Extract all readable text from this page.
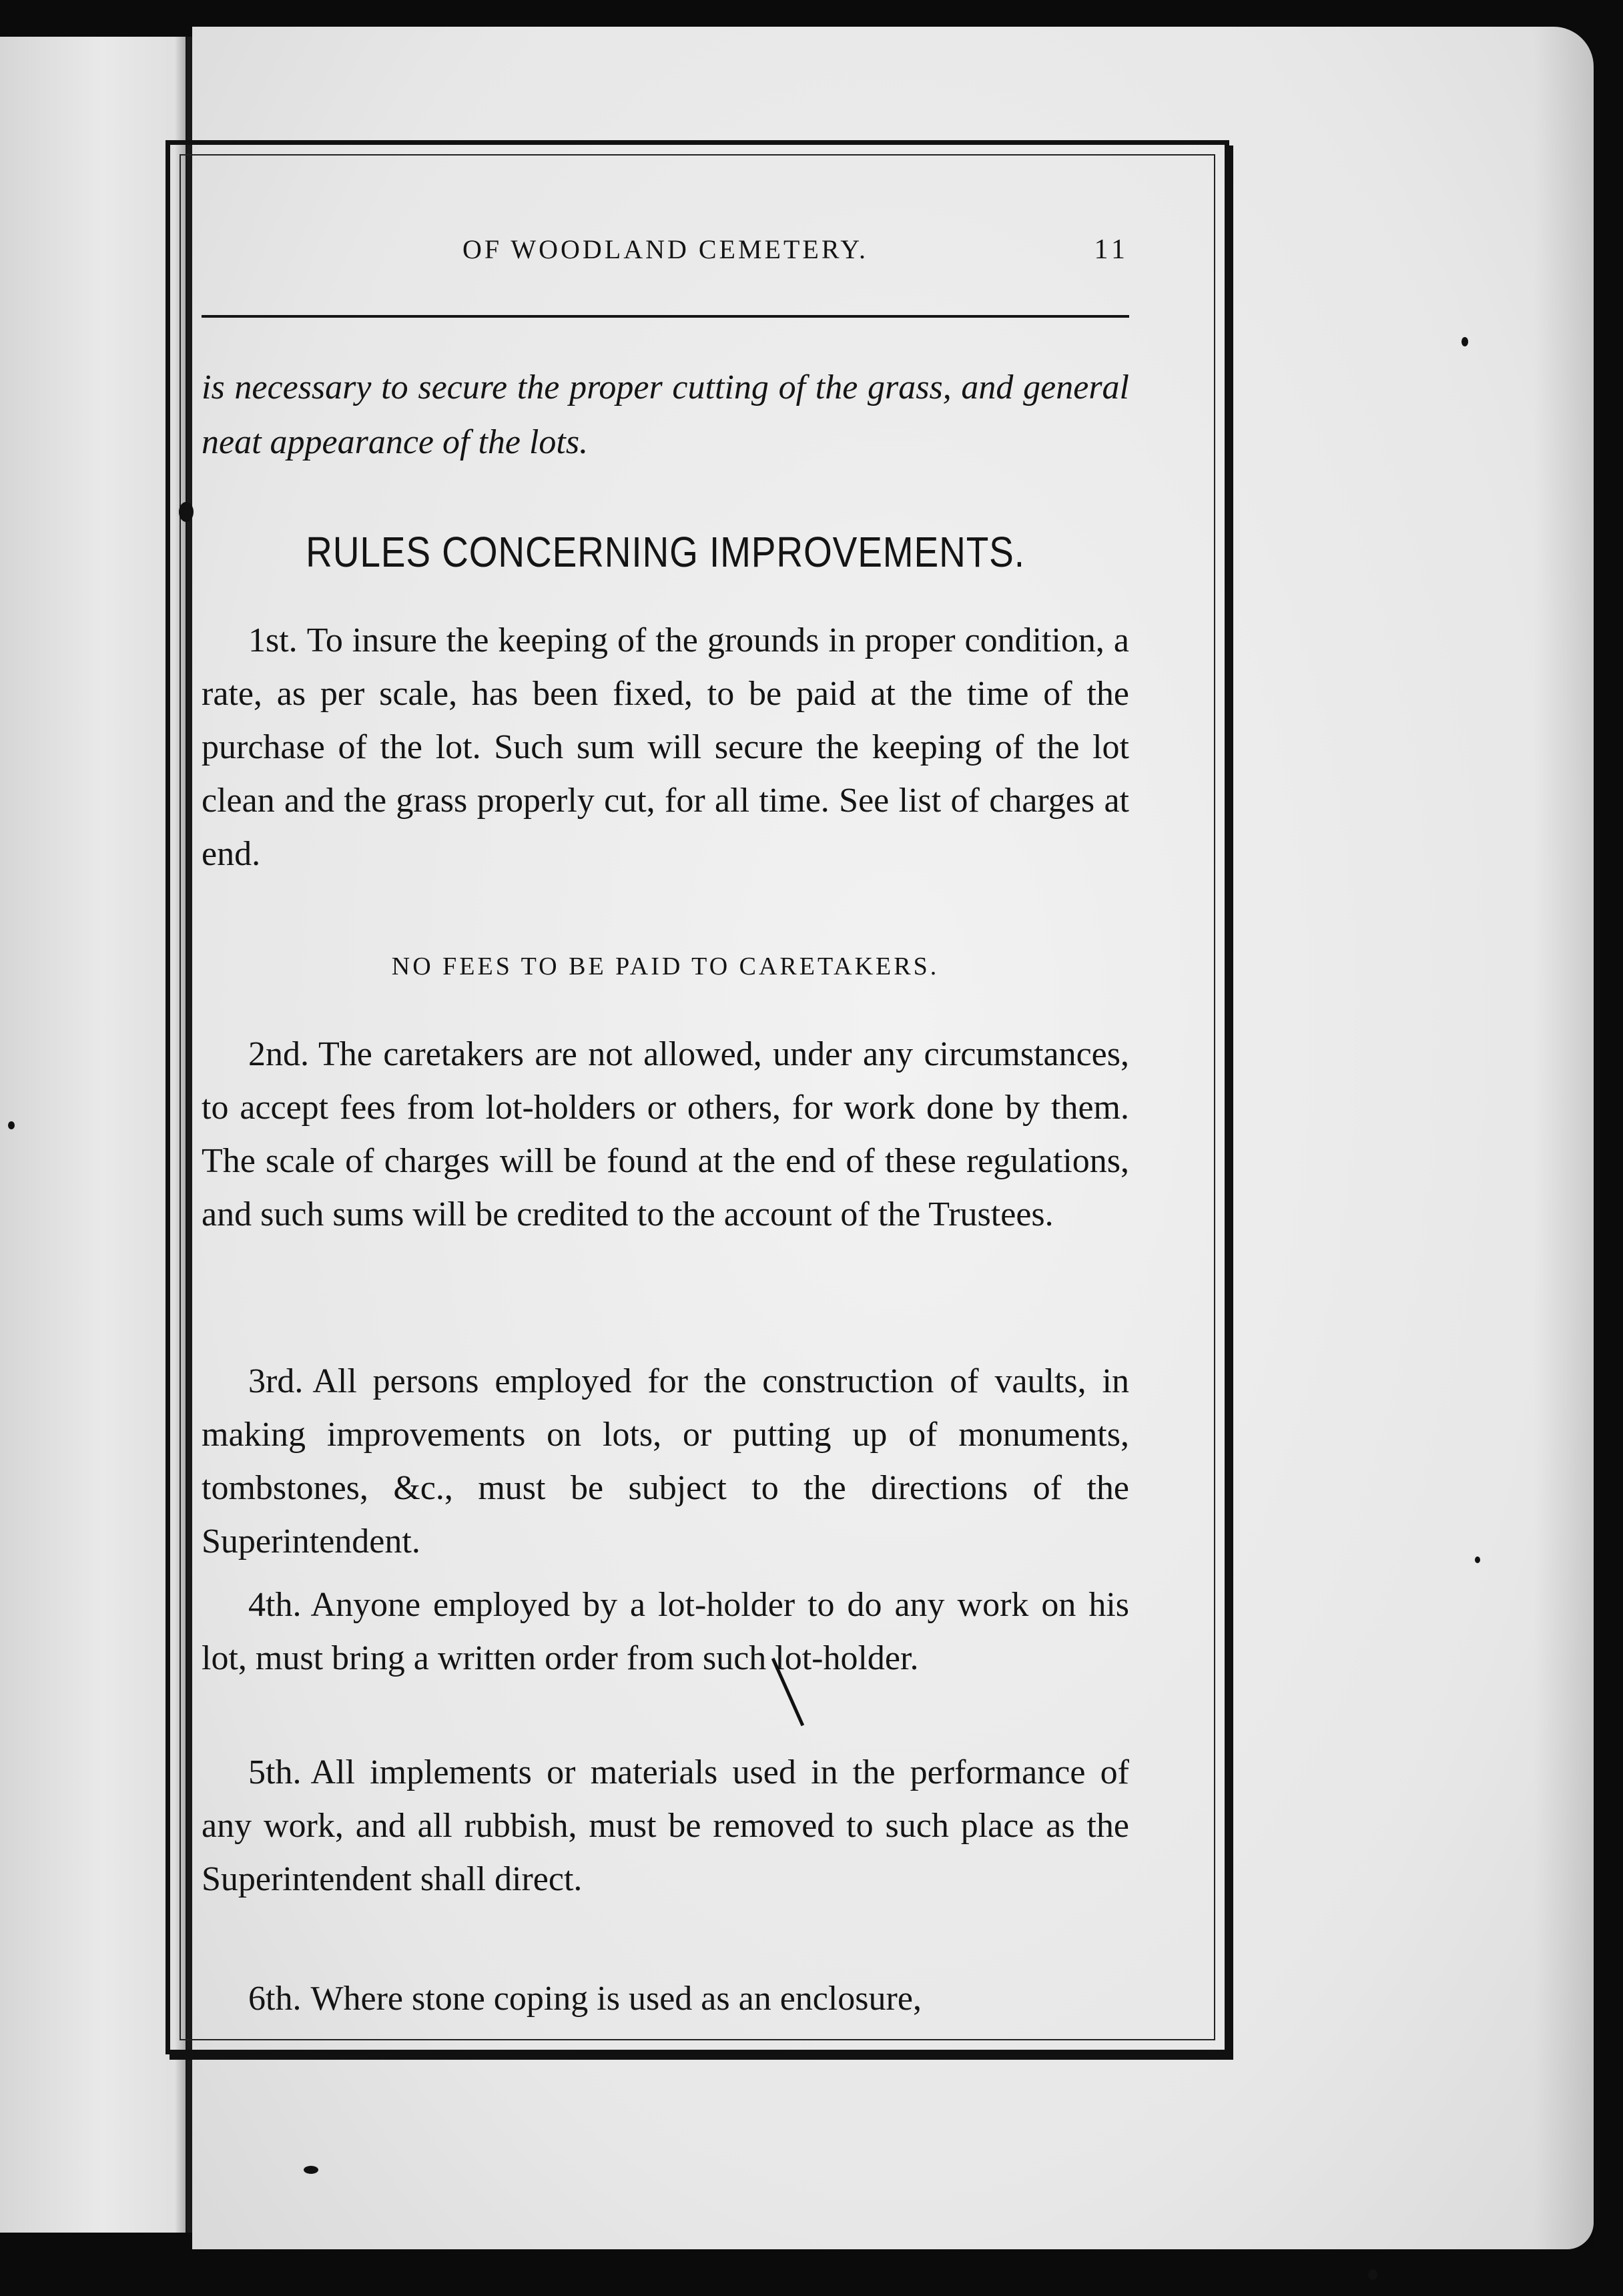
OF WOODLAND CEMETERY.	11
is necessary to secure the proper cutting of the grass, and general neat appearance of the lots.
RULES CONCERNING IMPROVEMENTS.
1st. To insure the keeping of the grounds in proper condition, a rate, as per scale, has been fixed, to be paid at the time of the purchase of the lot. Such sum will secure the keeping of the lot clean and the grass properly cut, for all time. See list of charges at end.
NO FEES TO BE PAID TO CARETAKERS.
2nd. The caretakers are not allowed, under any circumstances, to accept fees from lot-holders or others, for work done by them. The scale of charges will be found at the end of these regulations, and such sums will be credited to the account of the Trustees.
3rd. All persons employed for the construction of vaults, in making improvements on lots, or putting up of monuments, tombstones, &c., must be subject to the directions of the Superintendent.
4th. Anyone employed by a lot-holder to do any work on his lot, must bring a written order from such lot-holder.
5th. All implements or materials used in the performance of any work, and all rubbish, must be removed to such place as the Superintendent shall direct.
6th. Where stone coping is used as an enclosure,
